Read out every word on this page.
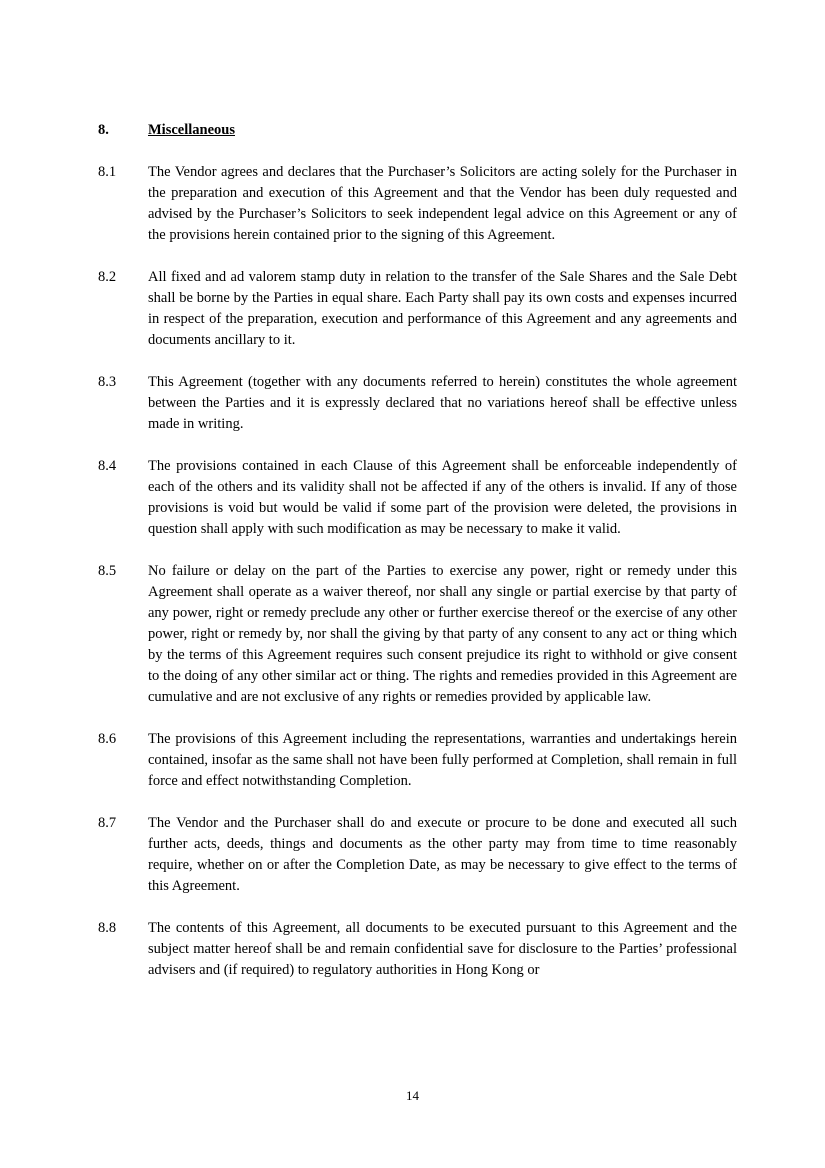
8.	Miscellaneous
8.1	The Vendor agrees and declares that the Purchaser’s Solicitors are acting solely for the Purchaser in the preparation and execution of this Agreement and that the Vendor has been duly requested and advised by the Purchaser’s Solicitors to seek independent legal advice on this Agreement or any of the provisions herein contained prior to the signing of this Agreement.
8.2	All fixed and ad valorem stamp duty in relation to the transfer of the Sale Shares and the Sale Debt shall be borne by the Parties in equal share. Each Party shall pay its own costs and expenses incurred in respect of the preparation, execution and performance of this Agreement and any agreements and documents ancillary to it.
8.3	This Agreement (together with any documents referred to herein) constitutes the whole agreement between the Parties and it is expressly declared that no variations hereof shall be effective unless made in writing.
8.4	The provisions contained in each Clause of this Agreement shall be enforceable independently of each of the others and its validity shall not be affected if any of the others is invalid. If any of those provisions is void but would be valid if some part of the provision were deleted, the provisions in question shall apply with such modification as may be necessary to make it valid.
8.5	No failure or delay on the part of the Parties to exercise any power, right or remedy under this Agreement shall operate as a waiver thereof, nor shall any single or partial exercise by that party of any power, right or remedy preclude any other or further exercise thereof or the exercise of any other power, right or remedy by, nor shall the giving by that party of any consent to any act or thing which by the terms of this Agreement requires such consent prejudice its right to withhold or give consent to the doing of any other similar act or thing. The rights and remedies provided in this Agreement are cumulative and are not exclusive of any rights or remedies provided by applicable law.
8.6	The provisions of this Agreement including the representations, warranties and undertakings herein contained, insofar as the same shall not have been fully performed at Completion, shall remain in full force and effect notwithstanding Completion.
8.7	The Vendor and the Purchaser shall do and execute or procure to be done and executed all such further acts, deeds, things and documents as the other party may from time to time reasonably require, whether on or after the Completion Date, as may be necessary to give effect to the terms of this Agreement.
8.8	The contents of this Agreement, all documents to be executed pursuant to this Agreement and the subject matter hereof shall be and remain confidential save for disclosure to the Parties’ professional advisers and (if required) to regulatory authorities in Hong Kong or
14
